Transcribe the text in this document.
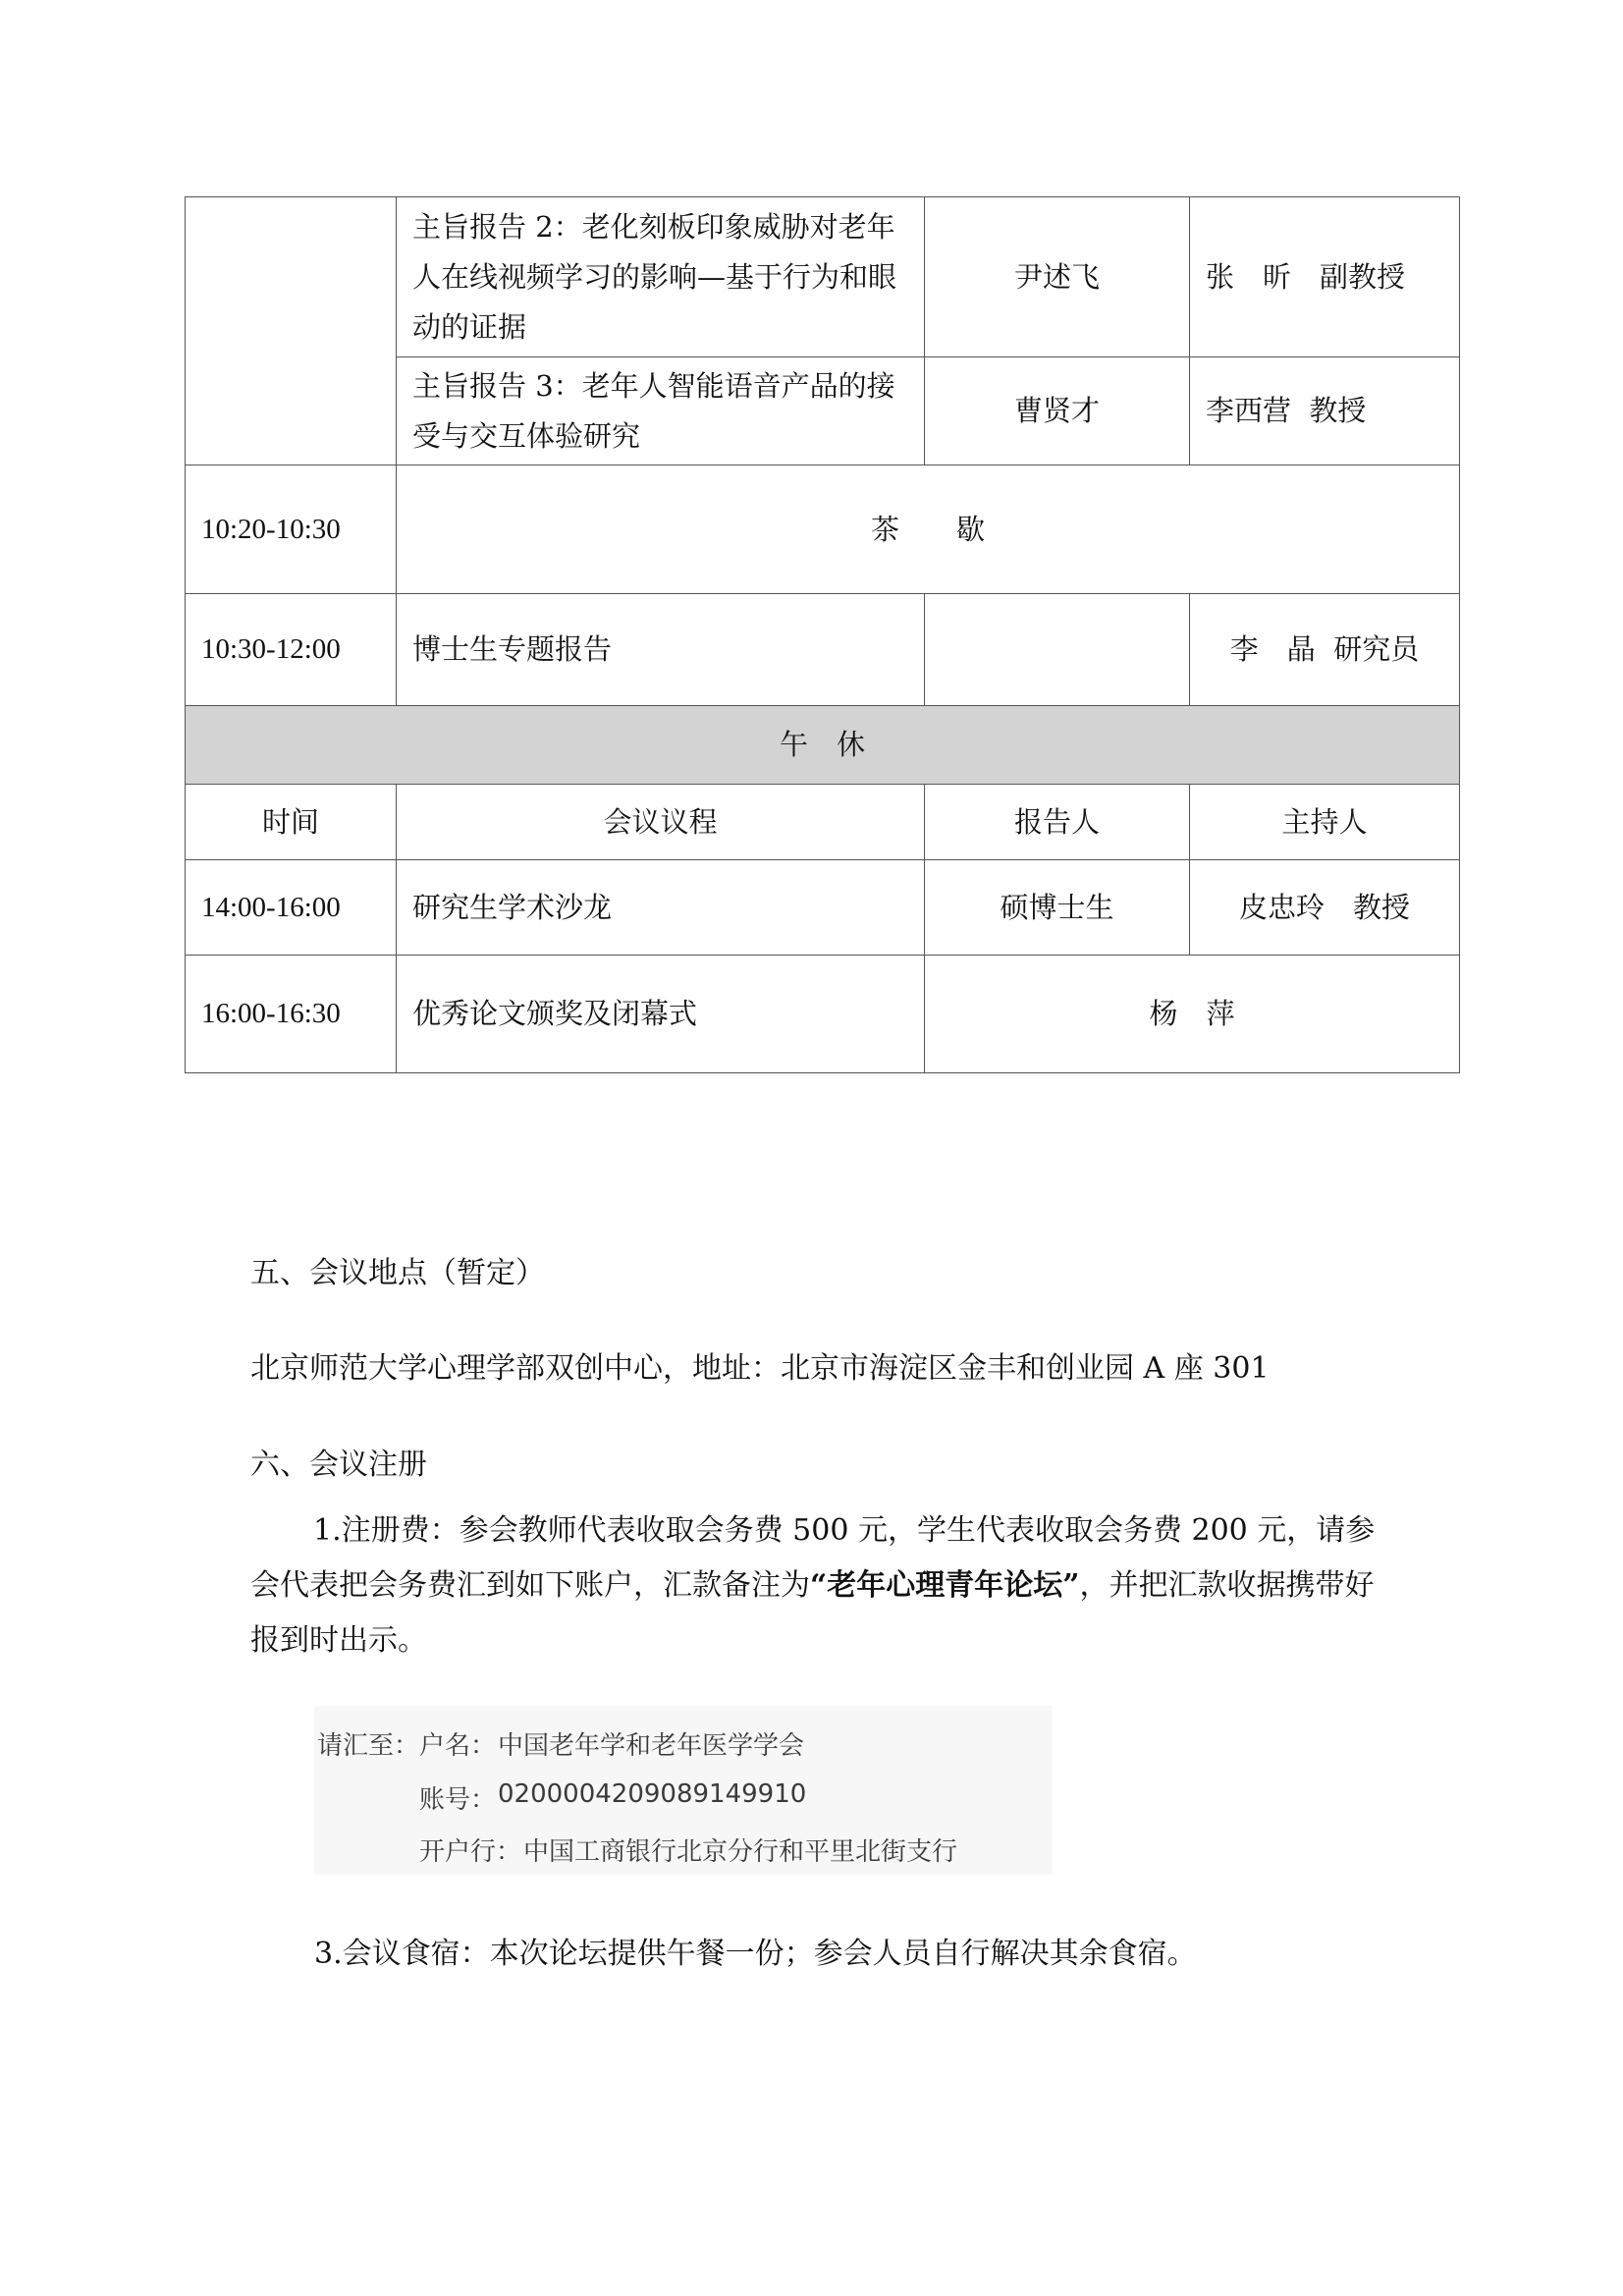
	主旨报告 2：老化刻板印象威胁对老年人在线视频学习的影响—基于行为和眼动的证据	尹述飞	张　昕　副教授
	主旨报告 3：老年人智能语音产品的接受与交互体验研究	曹贤才	李西营  教授
10:20-10:30	茶　　歇		
10:30-12:00	博士生专题报告		李　晶  研究员
午　休			
时间	会议议程	报告人	主持人
14:00-16:00	研究生学术沙龙	硕博士生	皮忠玲　教授
16:00-16:30	优秀论文颁奖及闭幕式	杨　萍	
五、会议地点（暂定）
北京师范大学心理学部双创中心，地址：北京市海淀区金丰和创业园 A 座 301
六、会议注册
1.注册费：参会教师代表收取会务费 500 元，学生代表收取会务费 200 元，请参会代表把会务费汇到如下账户，汇款备注为“老年心理青年论坛”，并把汇款收据携带好报到时出示。
请汇至： 户名： 中国老年学和老年医学学会
账号： 0200004209089149910
开户行： 中国工商银行北京分行和平里北街支行
3.会议食宿：本次论坛提供午餐一份；参会人员自行解决其余食宿。
